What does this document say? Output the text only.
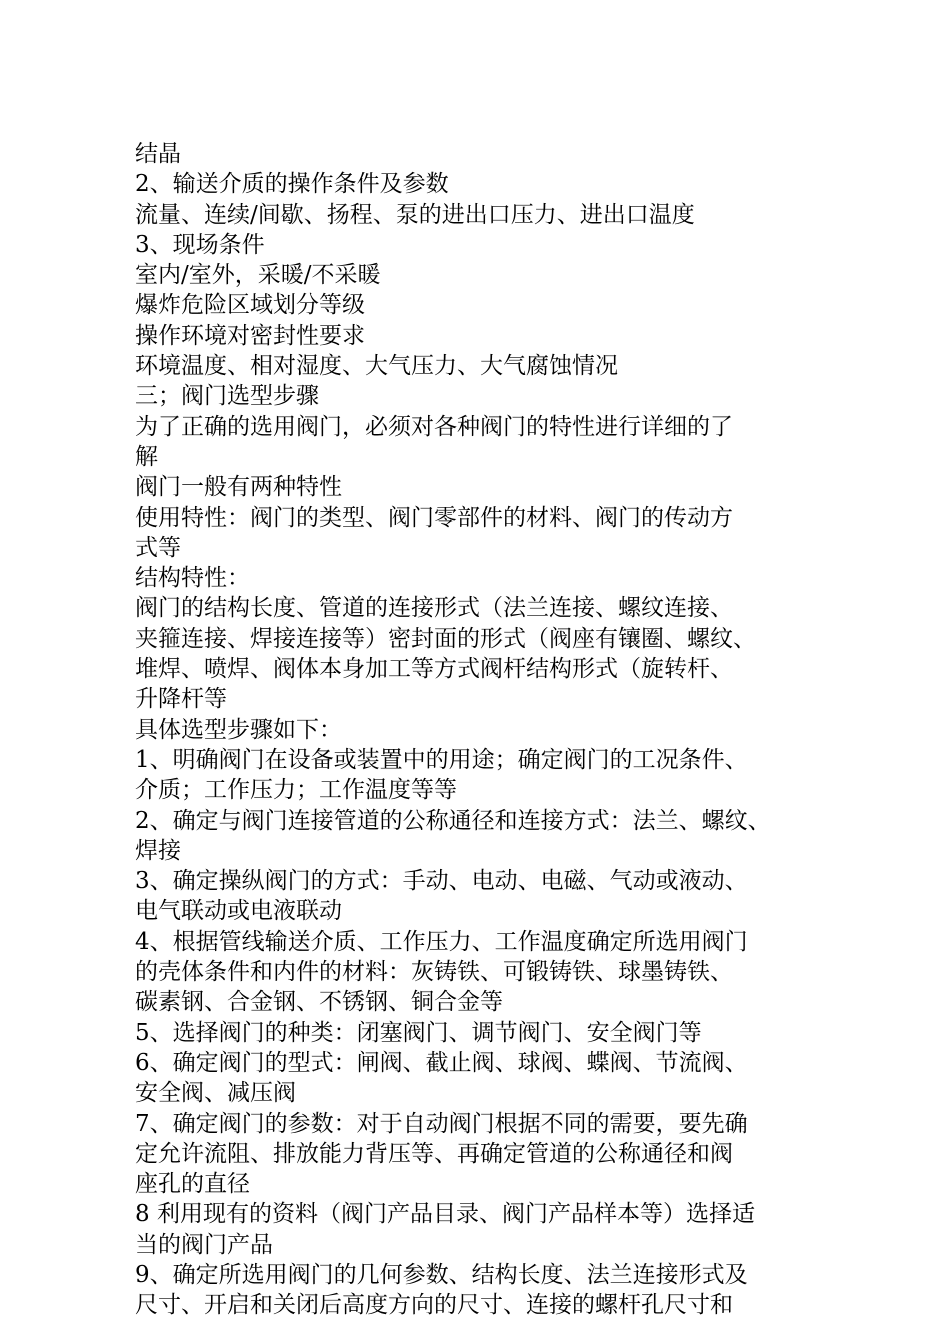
结晶
2、输送介质的操作条件及参数
流量、连续/间歇、扬程、泵的进出口压力、进出口温度
3、现场条件
室内/室外，采暖/不采暖
爆炸危险区域划分等级
操作环境对密封性要求
环境温度、相对湿度、大气压力、大气腐蚀情况
三；阀门选型步骤
为了正确的选用阀门，必须对各种阀门的特性进行详细的了
解
阀门一般有两种特性
使用特性：阀门的类型、阀门零部件的材料、阀门的传动方
式等
结构特性：
阀门的结构长度、管道的连接形式（法兰连接、螺纹连接、
夹箍连接、焊接连接等）密封面的形式（阀座有镶圈、螺纹、
堆焊、喷焊、阀体本身加工等方式阀杆结构形式（旋转杆、
升降杆等
具体选型步骤如下：
1、明确阀门在设备或装置中的用途；确定阀门的工况条件、
介质；工作压力；工作温度等等
2、确定与阀门连接管道的公称通径和连接方式：法兰、螺纹、
焊接
3、确定操纵阀门的方式：手动、电动、电磁、气动或液动、
电气联动或电液联动
4、根据管线输送介质、工作压力、工作温度确定所选用阀门
的壳体条件和内件的材料：灰铸铁、可锻铸铁、球墨铸铁、
碳素钢、合金钢、不锈钢、铜合金等
5、选择阀门的种类：闭塞阀门、调节阀门、安全阀门等
6、确定阀门的型式：闸阀、截止阀、球阀、蝶阀、节流阀、
安全阀、减压阀
7、确定阀门的参数：对于自动阀门根据不同的需要，要先确
定允许流阻、排放能力背压等、再确定管道的公称通径和阀
座孔的直径
8 利用现有的资料（阀门产品目录、阀门产品样本等）选择适
当的阀门产品
9、确定所选用阀门的几何参数、结构长度、法兰连接形式及
尺寸、开启和关闭后高度方向的尺寸、连接的螺杆孔尺寸和
